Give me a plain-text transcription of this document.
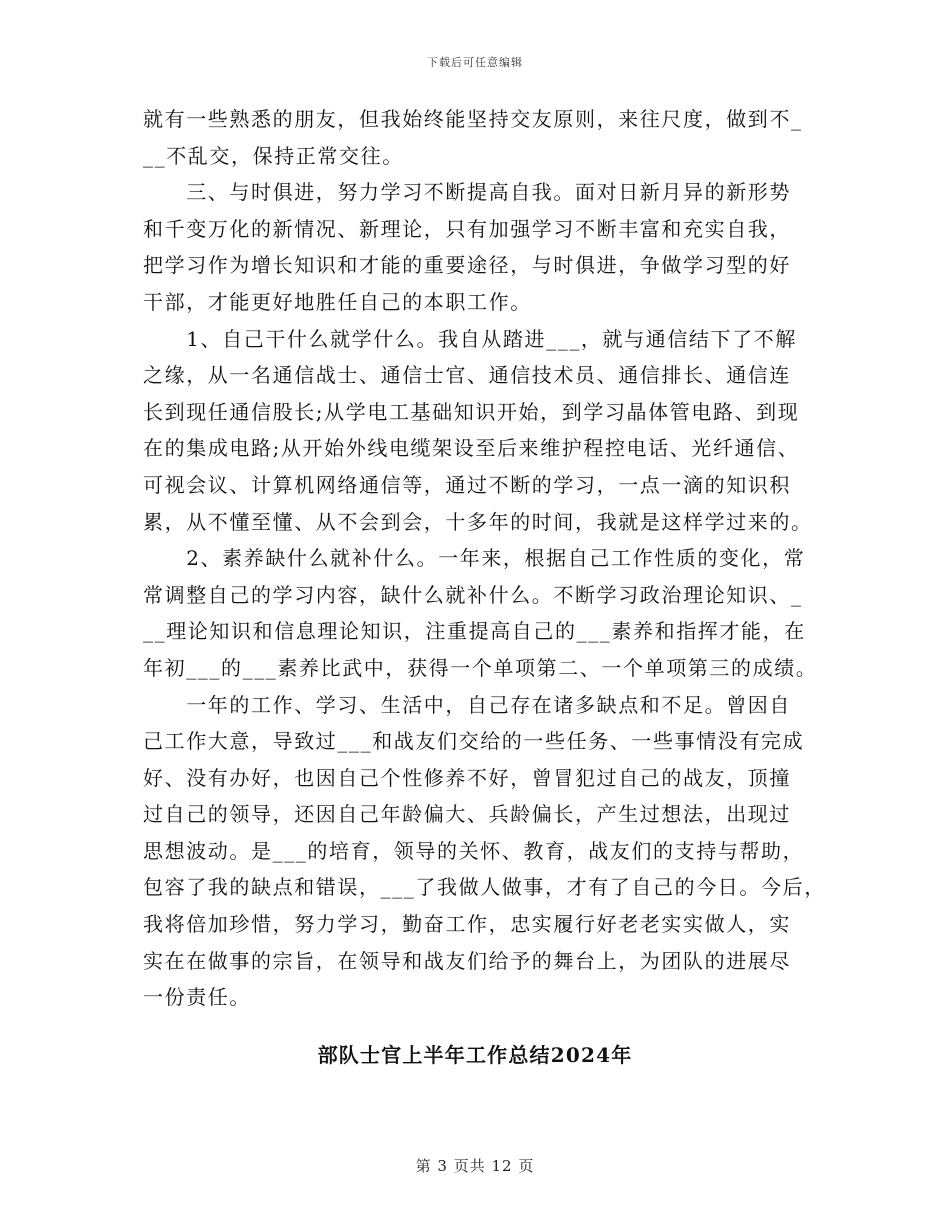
下载后可任意编辑

就有一些熟悉的朋友，但我始终能坚持交友原则，来往尺度，做到不_

__不乱交，保持正常交往。

　　三、与时俱进，努力学习不断提高自我。面对日新月异的新形势

和千变万化的新情况、新理论，只有加强学习不断丰富和充实自我，

把学习作为增长知识和才能的重要途径，与时俱进，争做学习型的好

干部，才能更好地胜任自己的本职工作。

　　1、自己干什么就学什么。我自从踏进___，就与通信结下了不解

之缘，从一名通信战士、通信士官、通信技术员、通信排长、通信连

长到现任通信股长;从学电工基础知识开始，到学习晶体管电路、到现

在的集成电路;从开始外线电缆架设至后来维护程控电话、光纤通信、

可视会议、计算机网络通信等，通过不断的学习，一点一滴的知识积

累，从不懂至懂、从不会到会，十多年的时间，我就是这样学过来的。

　　2、素养缺什么就补什么。一年来，根据自己工作性质的变化，常

常调整自己的学习内容，缺什么就补什么。不断学习政治理论知识、_

__理论知识和信息理论知识，注重提高自己的___素养和指挥才能，在

年初___的___素养比武中，获得一个单项第二、一个单项第三的成绩。

　　一年的工作、学习、生活中，自己存在诸多缺点和不足。曾因自

己工作大意，导致过___和战友们交给的一些任务、一些事情没有完成

好、没有办好，也因自己个性修养不好，曾冒犯过自己的战友，顶撞

过自己的领导，还因自己年龄偏大、兵龄偏长，产生过想法，出现过

思想波动。是___的培育，领导的关怀、教育，战友们的支持与帮助，

包容了我的缺点和错误，___了我做人做事，才有了自己的今日。今后，

我将倍加珍惜，努力学习，勤奋工作，忠实履行好老老实实做人，实

实在在做事的宗旨，在领导和战友们给予的舞台上，为团队的进展尽

一份责任。

部队士官上半年工作总结2024年
第 3 页共 12 页
